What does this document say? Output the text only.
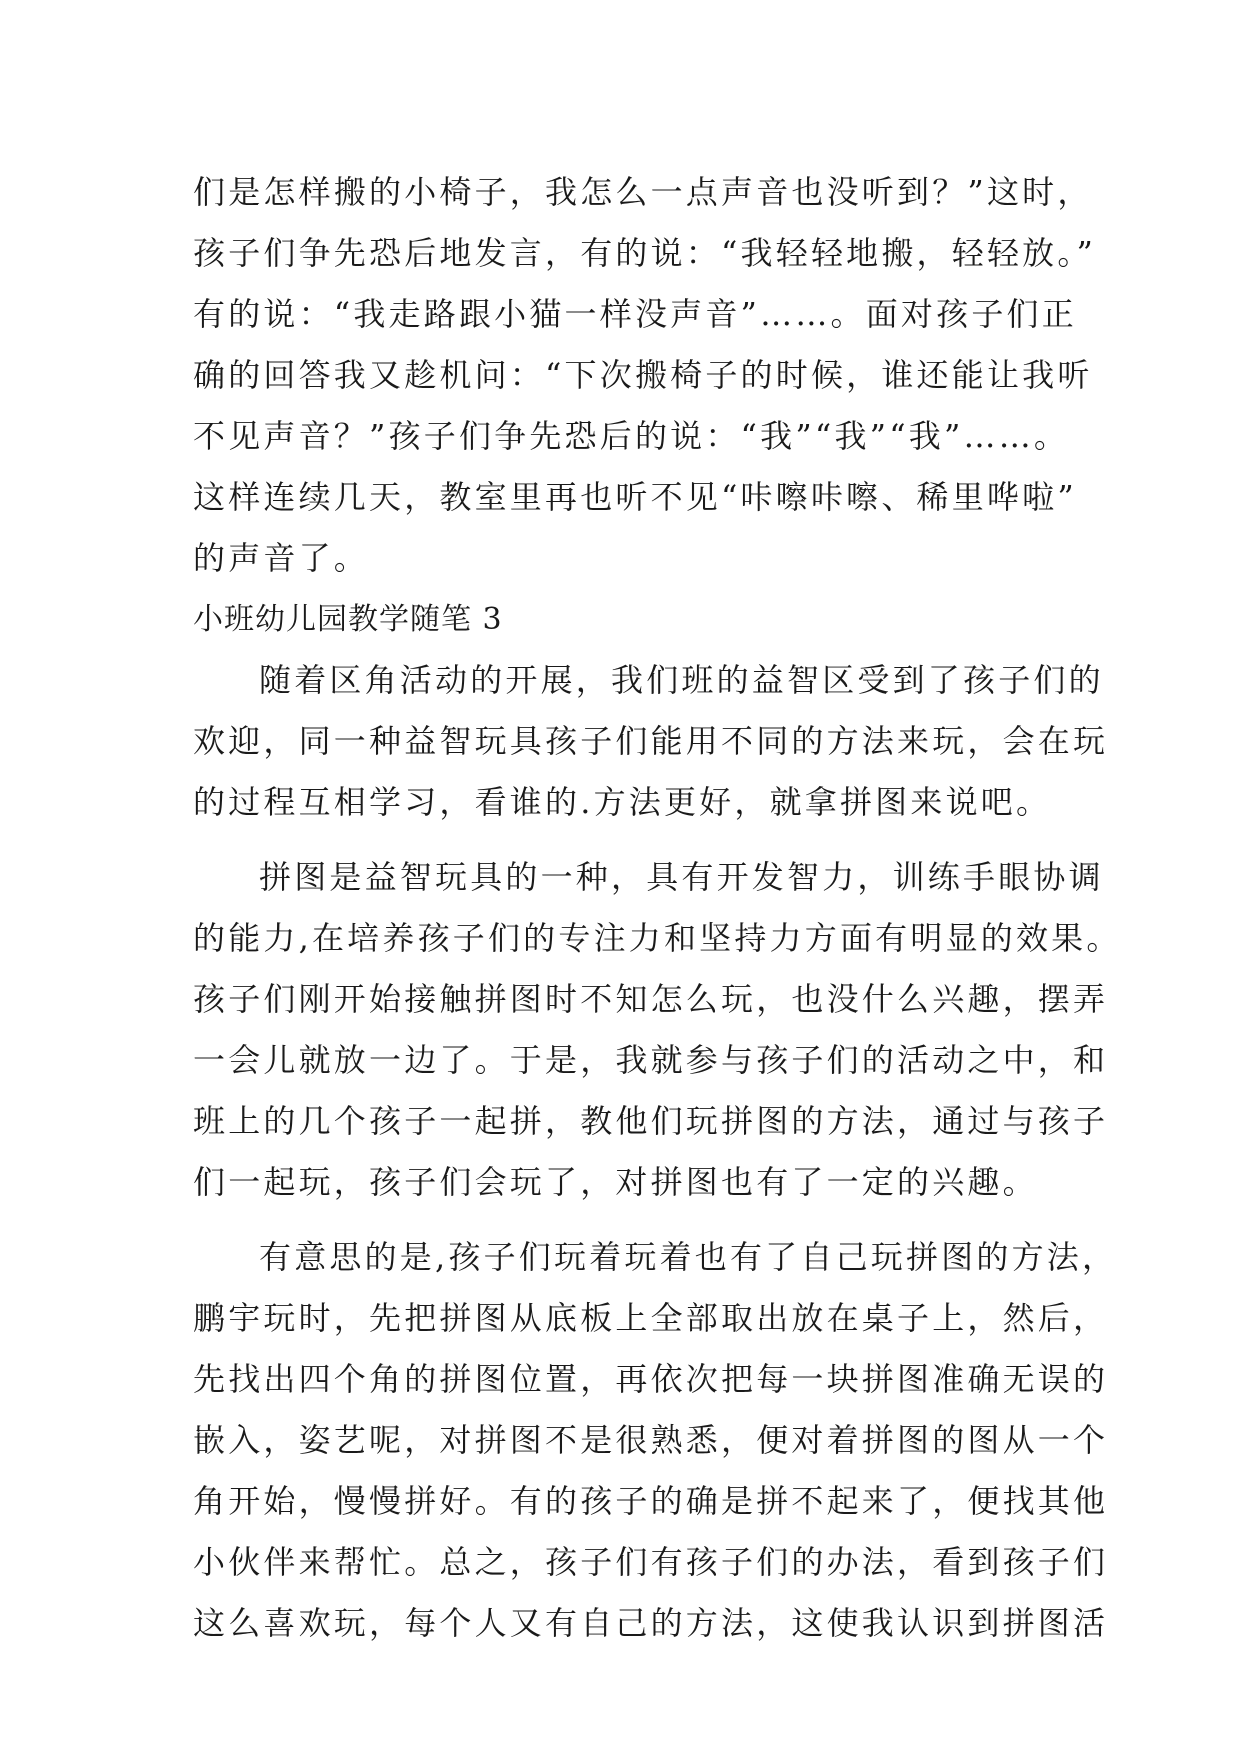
们是怎样搬的小椅子，我怎么一点声音也没听到？”这时，
孩子们争先恐后地发言，有的说：“我轻轻地搬，轻轻放。”
有的说：“我走路跟小猫一样没声音”……。面对孩子们正
确的回答我又趁机问：“下次搬椅子的时候，谁还能让我听
不见声音？”孩子们争先恐后的说：“我”“我”“我”……。
这样连续几天，教室里再也听不见“咔嚓咔嚓、稀里哗啦”
的声音了。
小班幼儿园教学随笔 3
随着区角活动的开展，我们班的益智区受到了孩子们的
欢迎，同一种益智玩具孩子们能用不同的方法来玩，会在玩
的过程互相学习，看谁的.方法更好，就拿拼图来说吧。
拼图是益智玩具的一种，具有开发智力，训练手眼协调
的能力,在培养孩子们的专注力和坚持力方面有明显的效果。
孩子们刚开始接触拼图时不知怎么玩，也没什么兴趣，摆弄
一会儿就放一边了。于是，我就参与孩子们的活动之中，和
班上的几个孩子一起拼，教他们玩拼图的方法，通过与孩子
们一起玩，孩子们会玩了，对拼图也有了一定的兴趣。
有意思的是,孩子们玩着玩着也有了自己玩拼图的方法，
鹏宇玩时，先把拼图从底板上全部取出放在桌子上，然后，
先找出四个角的拼图位置，再依次把每一块拼图准确无误的
嵌入，姿艺呢，对拼图不是很熟悉，便对着拼图的图从一个
角开始，慢慢拼好。有的孩子的确是拼不起来了，便找其他
小伙伴来帮忙。总之，孩子们有孩子们的办法，看到孩子们
这么喜欢玩，每个人又有自己的方法，这使我认识到拼图活
